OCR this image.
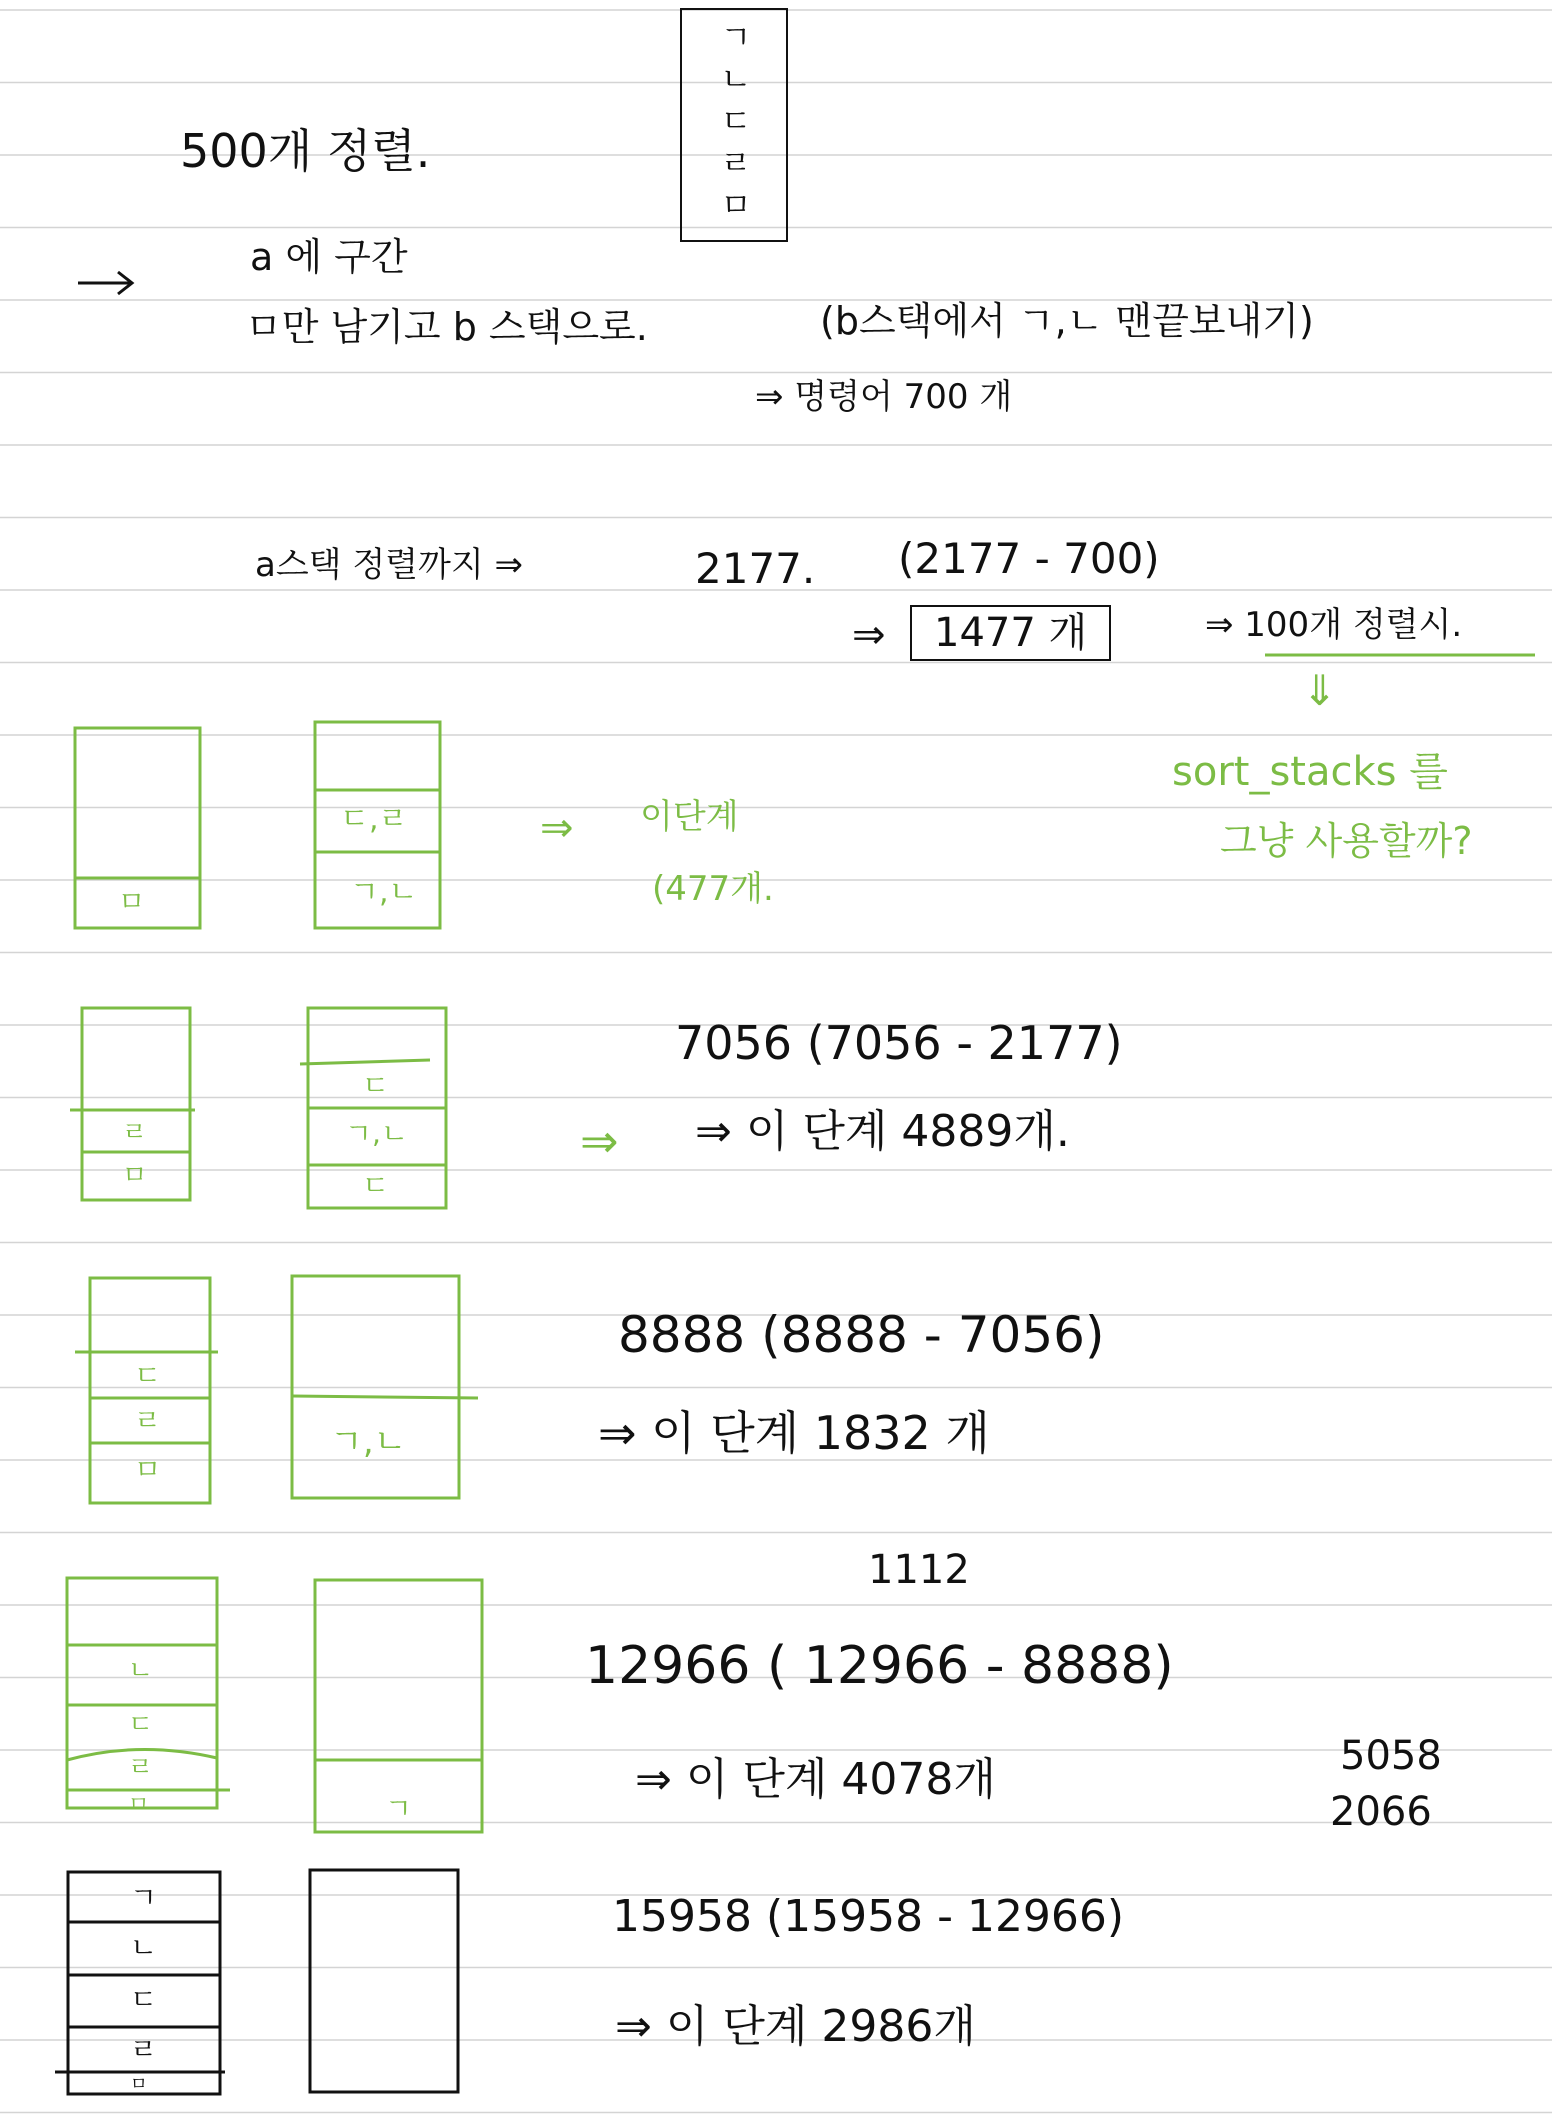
ㄱㄴㄷㄹㅁ
500개 정렬.
a 에 구간
ㅁ만 남기고 b 스택으로.	(b스택에서 ㄱ,ㄴ 맨끝보내기)
⇒ 명령어 700 개
a스택 정렬까지 ⇒	2177. (2177 - 700)
⇒	1477 개	⇒ 100개 정렬시.
⇓
sort_stacks 를
그냥 사용할까?
ㅁ
ㄷ,ㄹ
ㄱ,ㄴ
⇒ 이단계
(477개.
ㄹ
ㅁ
ㄷ
ㄱ,ㄴ
ㄷ
7056 (7056 - 2177)
⇒ ⇒ 이 단계 4889개.
ㄷ
ㄹ
ㅁ
ㄱ,ㄴ
8888 (8888 - 7056)
⇒ 이 단계 1832 개
ㄴ
ㄷ
ㄹ
ㅁ	ㄱ
1112
12966 ( 12966 - 8888)
⇒ 이 단계 4078개	5058
2066
ㄱ
ㄴ
ㄷ
ㄹ
ㅁ
15958 (15958 - 12966)
⇒ 이 단계 2986개
